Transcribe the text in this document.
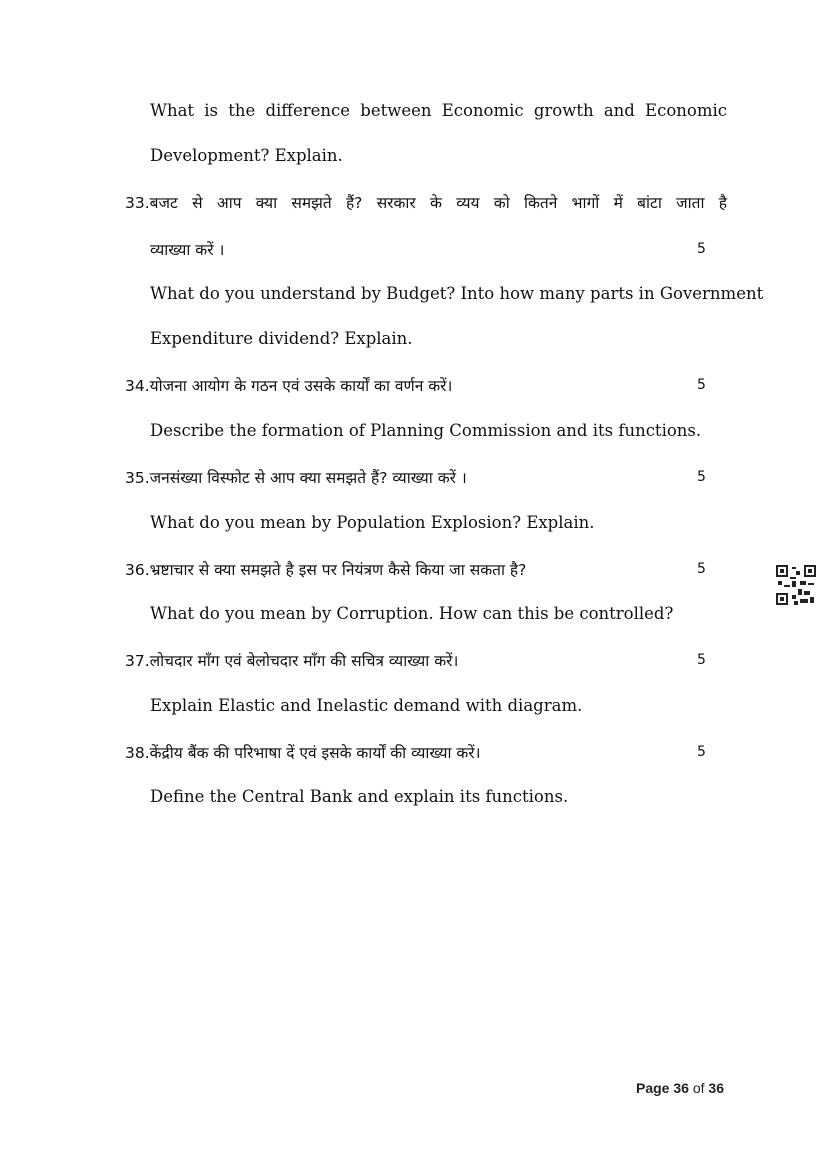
What is the difference between Economic growth and Economic
Development? Explain.
33.बजट से आप क्या समझते हैं? सरकार के व्यय को कितने भागों में बांटा जाता है
व्याख्या करें ।	5
What do you understand by Budget? Into how many parts in Government
Expenditure dividend? Explain.
34.योजना आयोग के गठन एवं उसके कार्यों का वर्णन करें।	5
Describe the formation of Planning Commission and its functions.
35.जनसंख्या विस्फोट से आप क्या समझते हैं? व्याख्या करें ।	5
What do you mean by Population Explosion? Explain.
36.भ्रष्टाचार से क्या समझते है इस पर नियंत्रण कैसे किया जा सकता है?	5
What do you mean by Corruption. How can this be controlled?
37.लोचदार माँग एवं बेलोचदार माँग की सचित्र व्याख्या करें।	5
Explain Elastic and Inelastic demand with diagram.
38.केंद्रीय बैंक की परिभाषा दें एवं इसके कार्यों की व्याख्या करें।	5
Define the Central Bank and explain its functions.
Page 36 of 36
